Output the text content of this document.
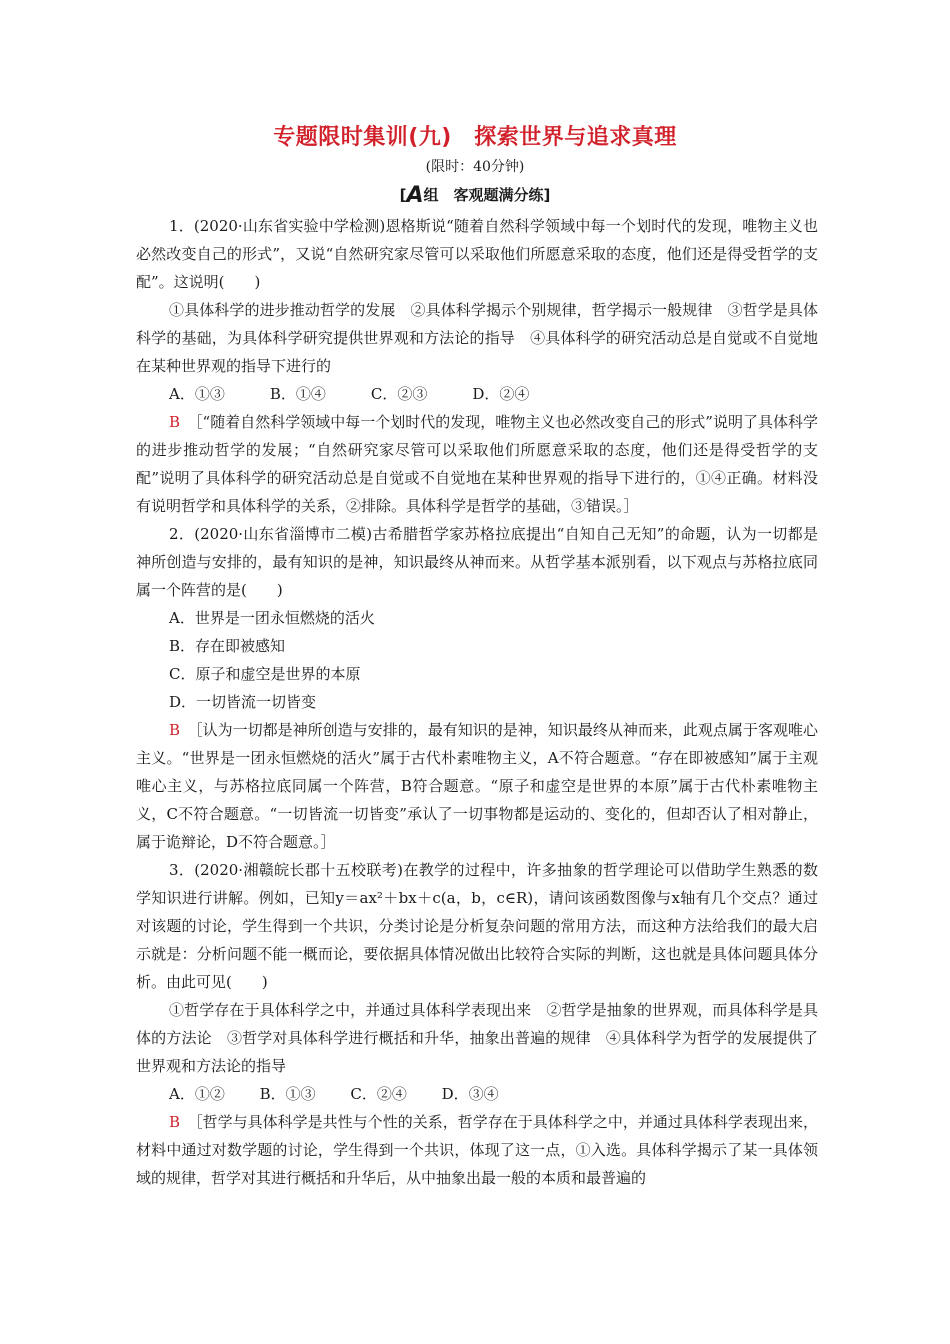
专题限时集训(九)　探索世界与追求真理
(限时：40分钟)
[A组　客观题满分练]

1．(2020·山东省实验中学检测)恩格斯说“随着自然科学领域中每一个划时代的发现，唯物主义也必然改变自己的形式”，又说“自然研究家尽管可以采取他们所愿意采取的态度，他们还是得受哲学的支配”。这说明(　　)

①具体科学的进步推动哲学的发展　②具体科学揭示个别规律，哲学揭示一般规律　③哲学是具体科学的基础，为具体科学研究提供世界观和方法论的指导　④具体科学的研究活动总是自觉或不自觉地在某种世界观的指导下进行的

A．①③　　　B．①④　　　C．②③　　　D．②④

B　 ［“随着自然科学领域中每一个划时代的发现，唯物主义也必然改变自己的形式”说明了具体科学的进步推动哲学的发展；“自然研究家尽管可以采取他们所愿意采取的态度，他们还是得受哲学的支配”说明了具体科学的研究活动总是自觉或不自觉地在某种世界观的指导下进行的，①④正确。材料没有说明哲学和具体科学的关系，②排除。具体科学是哲学的基础，③错误。］

2．(2020·山东省淄博市二模)古希腊哲学家苏格拉底提出“自知自己无知”的命题，认为一切都是神所创造与安排的，最有知识的是神，知识最终从神而来。从哲学基本派别看，以下观点与苏格拉底同属一个阵营的是(　　)

A．世界是一团永恒燃烧的活火

B．存在即被感知

C．原子和虚空是世界的本原

D．一切皆流一切皆变

B　 ［认为一切都是神所创造与安排的，最有知识的是神，知识最终从神而来，此观点属于客观唯心主义。“世界是一团永恒燃烧的活火”属于古代朴素唯物主义，A不符合题意。“存在即被感知”属于主观唯心主义，与苏格拉底同属一个阵营，B符合题意。“原子和虚空是世界的本原”属于古代朴素唯物主义，C不符合题意。“一切皆流一切皆变”承认了一切事物都是运动的、变化的，但却否认了相对静止，属于诡辩论，D不符合题意。］

3．(2020·湘赣皖长郡十五校联考)在教学的过程中，许多抽象的哲学理论可以借助学生熟悉的数学知识进行讲解。例如，已知y＝ax²＋bx＋c(a，b，c∈R)，请问该函数图像与x轴有几个交点？通过对该题的讨论，学生得到一个共识，分类讨论是分析复杂问题的常用方法，而这种方法给我们的最大启示就是：分析问题不能一概而论，要依据具体情况做出比较符合实际的判断，这也就是具体问题具体分析。由此可见(　　)

①哲学存在于具体科学之中，并通过具体科学表现出来　②哲学是抽象的世界观，而具体科学是具体的方法论　③哲学对具体科学进行概括和升华，抽象出普遍的规律　④具体科学为哲学的发展提供了世界观和方法论的指导

A．①②　　 B．①③　　 C．②④　　 D．③④

B　 ［哲学与具体科学是共性与个性的关系，哲学存在于具体科学之中，并通过具体科学表现出来，材料中通过对数学题的讨论，学生得到一个共识，体现了这一点，①入选。具体科学揭示了某一具体领域的规律，哲学对其进行概括和升华后，从中抽象出最一般的本质和最普遍的
